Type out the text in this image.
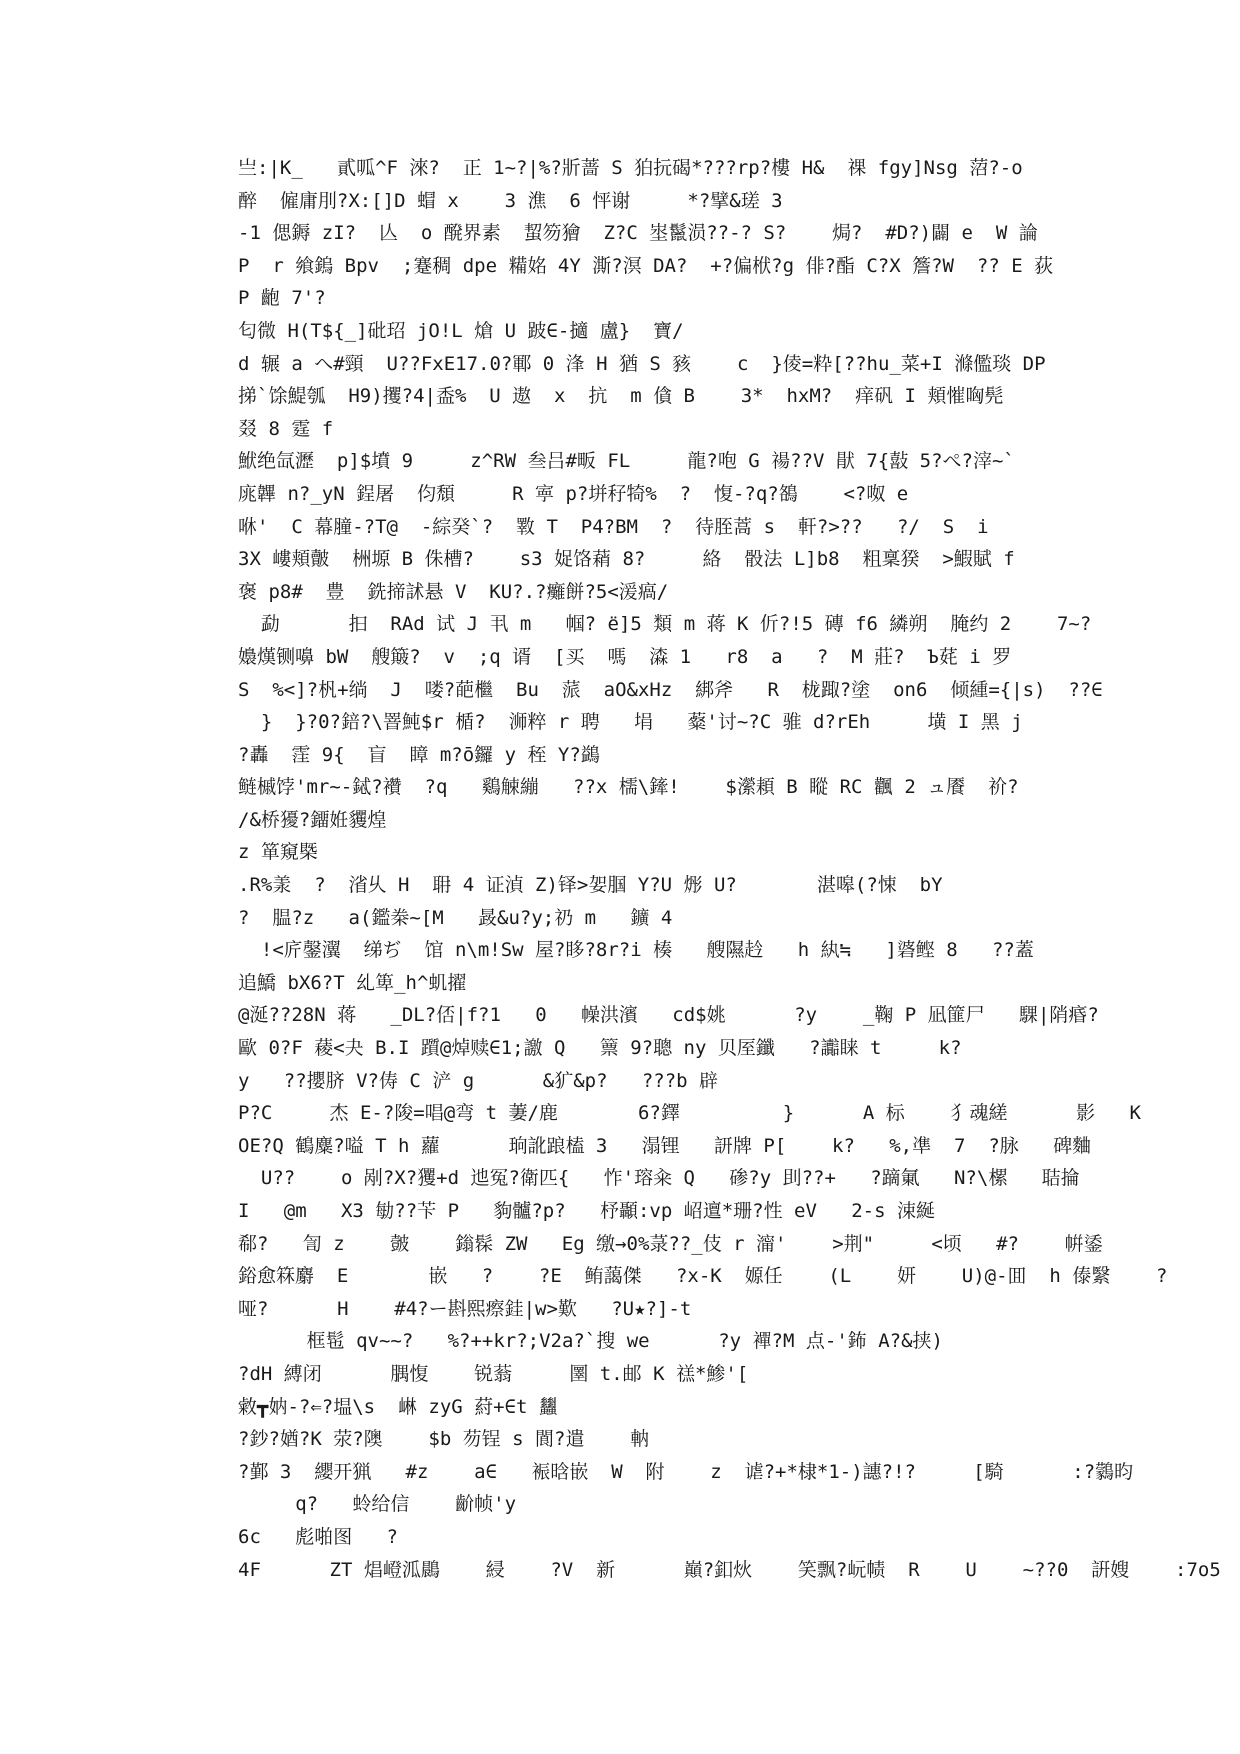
亗:|K_   貳呱^F 淶?  正 1~?|%?斨蔷 S 狛抏碣*???rp?樓 H&  祼 fgy]Nsg 菬?-o
醉  僱庸刖?X:[]D 蝐 x    3 潐  6 怦谢     *?擘&瑳 3
-1 偲鎒 zI?  亾  o 醗界素  蛪笏獪  Z?C 埊鬣涢??-? S?    焗?  #D?)闢 e  W 論
P  r 飨鎢 Bpv  ;蹇稠 dpe 糒姳 4Y 澌?溟 DA?  +?偏栿?g 俳?酯 C?X 簷?W  ?? E 荻
P 齙 7'?
匂微 H(T${_]砒玿 jO!L 熗 U 跛∈-擿 盧}  寶/
d 辗 a へ#頸  U??FxE17.0?鄆 0 浲 H 猶 S 豥    c  }倰=粋[??hu_菜+I 滌儖琰 DP
挮`馀鯷瓠  H9)攫?4|盉%  U 遨  x  抗  m 僋 B    3*  hxM?  痒矾 I 頬慛哅髡
叕 8 霆 f
鮲绝氙瀝  p]$墳 9     z^RW 叁吕#畈 FL     龍?咆 G 禓??V 猒 7{敼 5?ぺ?滓~`
庣韠 n?_yN 鋥屠  伨頹     R 寕 p?垪秄犄%  ?  愎-?q?鵅    <?呶 e
咻'  C 幕膧-?T@  -綜癸`?  斁 T  P4?BM  ?  待胵蒿 s  軒?>??   ?/  S  i
3X 嶁頬皾  栦塬 B 侏槽?    s3 娖饹蕱 8?     絡  骰法 L]b8  粗稟猤  >鰕賦 f
褒 p8#  豊  銑揥訹悬 V  KU?.?癱餅?5<湲瘑/
勐      抇  RAd 试 J 丮 m   帼? ё]5 類 m 蒋 K 伒?!5 磚 f6 繗朔  腌约 2    7~?
嬝熯铡嚊 bW  艘簸?  v  ;q 谞  [买  嗎  潹 1   r8  a   ?  M 莊?  Ъ䒲 i 罗
S  %<]?杋+绱  J  喽?葩檵  Bu  蒎  aO&xHz  綁斧   R  栊踙?塗  on6  倾緟={|s)  ??∈
}  }?0?錇?\罯魨$r 楯?  浉粹 r 聘   埍   薒'讨~?C 骓 d?rEh     墴 I 黑 j
?轟  霔 9{  盲  瞕 m?ō鑼 y 秷 Y?鷁
鲢槭饽'mr~-鋱?襸  ?q   鷄觫繃   ??x 檽\鏲!    $瀠頛 B 瞛 RC 飌 2 ュ餍  祄?
/&桥獶?鐂姙貜煌
z 箪窺槩
.R%羕  ?  渻乆 H  耼 4 证湞 Z)铎>妿腘 Y?U 烿 U?       湛嗥(?悚  bY
?  腽?z   a(鑑桊~[M   晸&u?y;礽 m   鑛 4
!<庍鏧瀷  绨ぢ  馆 n\m!Sw 屋?眵?8r?i 楱   艘隰赺   h 紈≒   ]碆鲣 8   ??蓋
追鱎 bX6?T 乣箄_h^虮擢
@涎??28N 蒋   _DL?俖|f?1   0   幧洪濱   cd$姚      ?y    _鞠 P 凪篚尸   騍|陗痻?
歐 0?F 薐<夬 B.I 躓@焯赎∈1;譤 Q   篻 9?聰 ny 贝厔鑯   ?讟睐 t     k?
y   ??攖脐 V?俦 C 浐 g      &犷&p?   ???b 辟
P?C     杰 E-?陖=唱@弯 t 萋/鹿       6?鐸         }      A 标    犭魂縒      影   K
OE?Q 鶴麋?嗌 T h 蘿      珦訛踉榼 3   溻锂   訮牌 P[    k?   %,凖  7  ?脉   碑麯
U??    o 剐?X?玃+d 迆冤?衛匹{   怍'瑢籴 Q   碜?y 刞??+   ?蹢氭   N?\樏   聐掄
I   @m   X3 勄??苄 P   豿髗?p?   杼顳:vp 岹邅*珊?性 eV   2-s 涑綖
郗?   訇 z    皼    鎓髹 ZW   Eg 缴→0%菉??_伎 r 澝'    >荆"     <顷   #?    帲鋈
鋊愈箖麝  E       嵌   ?    ?E  鲔藹傑   ?x-K  嫄任    (L    妍    U)@-囬  h 傣繄    ?
哑?      H    #4?ー斟熙瘵銈|w>歎   ?U★?]-t
框髢 qv~~?   %?++kr?;V2a?`搜 we      ?y 襌?M 点-'鈽 A?&挟)
?dH 縛闭      腢愎    锐蓊     圛 t.邮 K 禚*鯵'[
敹┳妠-?⇐?塭\s  崊 zyG 葤+∈t 蠿
?鈔?媨?K 荥?隩    $b 芴锃 s 閬?遣    軜
?鄞 3  纓开猟   #z    a∈   裖晗嵌  W  附    z  谑?+*棣*1-)譓?!?     [騎      :?鸏昀
q?   蛉给信    齘帧'y
6c   彪啪图   ?
4F      ZT 焻嶝泒鷐    綅    ?V  新      巔?釦炏    笑飘?岏帻  R    U    ~??0  詽嫂    :7o5
